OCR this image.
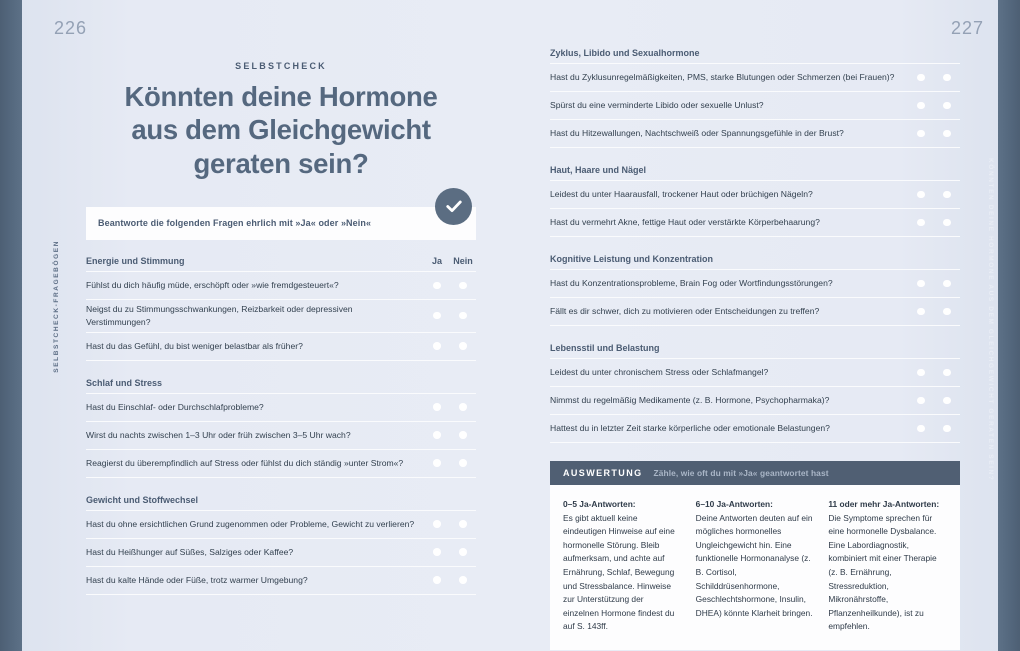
226
SELBSTCHECK-FRAGEBÖGEN
SELBSTCHECK
Könnten deine Hormone
aus dem Gleichgewicht
geraten sein?
Beantworte die folgenden Fragen ehrlich mit »Ja« oder »Nein«
Energie und Stimmung	Ja	Nein
Fühlst du dich häufig müde, erschöpft oder »wie fremdgesteuert«?
Neigst du zu Stimmungsschwankungen, Reizbarkeit oder depressiven Verstimmungen?
Hast du das Gefühl, du bist weniger belastbar als früher?
Schlaf und Stress
Hast du Einschlaf- oder Durchschlafprobleme?
Wirst du nachts zwischen 1–3 Uhr oder früh zwischen 3–5 Uhr wach?
Reagierst du überempfindlich auf Stress oder fühlst du dich ständig »unter Strom«?
Gewicht und Stoffwechsel
Hast du ohne ersichtlichen Grund zugenommen oder Probleme, Gewicht zu verlieren?
Hast du Heißhunger auf Süßes, Salziges oder Kaffee?
Hast du kalte Hände oder Füße, trotz warmer Umgebung?
227
KÖNNTEN DEINE HORMONE AUS DEM GLEICHGEWICHT GERATEN SEIN?
Zyklus, Libido und Sexualhormone
Hast du Zyklusunregelmäßigkeiten, PMS, starke Blutungen oder Schmerzen (bei Frauen)?
Spürst du eine verminderte Libido oder sexuelle Unlust?
Hast du Hitzewallungen, Nachtschweiß oder Spannungsgefühle in der Brust?
Haut, Haare und Nägel
Leidest du unter Haarausfall, trockener Haut oder brüchigen Nägeln?
Hast du vermehrt Akne, fettige Haut oder verstärkte Körperbehaarung?
Kognitive Leistung und Konzentration
Hast du Konzentrationsprobleme, Brain Fog oder Wortfindungsstörungen?
Fällt es dir schwer, dich zu motivieren oder Entscheidungen zu treffen?
Lebensstil und Belastung
Leidest du unter chronischem Stress oder Schlafmangel?
Nimmst du regelmäßig Medikamente (z. B. Hormone, Psychopharmaka)?
Hattest du in letzter Zeit starke körperliche oder emotionale Belastungen?
AUSWERTUNG Zähle, wie oft du mit »Ja« geantwortet hast
0–5 Ja-Antworten:
Es gibt aktuell keine eindeutigen Hinweise auf eine hormonelle Störung. Bleib aufmerksam, und achte auf Ernährung, Schlaf, Bewegung und Stressbalance. Hinweise zur Unterstützung der einzelnen Hormone findest du auf S. 143ff.
6–10 Ja-Antworten:
Deine Antworten deuten auf ein mögliches hormonelles Ungleichgewicht hin. Eine funktionelle Hormonanalyse (z. B. Cortisol, Schilddrüsenhormone, Geschlechtshormone, Insulin, DHEA) könnte Klarheit bringen.
11 oder mehr Ja-Antworten:
Die Symptome sprechen für eine hormonelle Dysbalance. Eine Labordiagnostik, kombiniert mit einer Therapie (z. B. Ernährung, Stressreduktion, Mikronährstoffe, Pflanzenheilkunde), ist zu empfehlen.
